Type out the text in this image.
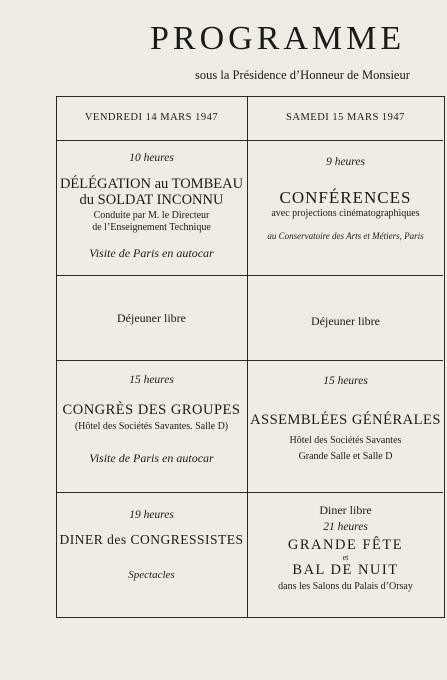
PROGRAMME
sous la Présidence d’Honneur de Monsieur
VENDREDI 14 MARS 1947	SAMEDI 15 MARS 1947
10 heures
DÉLÉGATION au TOMBEAU
du SOLDAT INCONNU
Conduite par M. le Directeur
de l’Enseignement Technique
Visite de Paris en autocar
9 heures
CONFÉRENCES
avec projections cinématographiques
au Conservatoire des Arts et Métiers, Paris
Déjeuner libre	Déjeuner libre
15 heures
CONGRÈS DES GROUPES
(Hôtel des Sociétés Savantes. Salle D)
Visite de Paris en autocar
15 heures
ASSEMBLÉES GÉNÉRALES
Hôtel des Sociétés Savantes
Grande Salle et Salle D
19 heures
DINER des CONGRESSISTES
Spectacles
Diner libre
21 heures
GRANDE FÊTE
et
BAL DE NUIT
dans les Salons du Palais d’Orsay
